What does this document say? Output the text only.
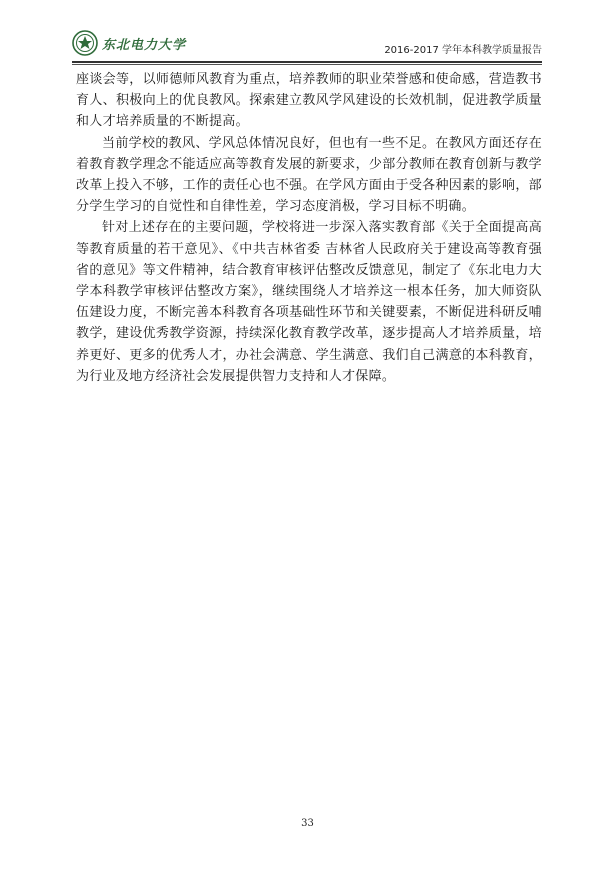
东北电力大学	2016-2017 学年本科教学质量报告

座谈会等，以师德师风教育为重点，培养教师的职业荣誉感和使命感，营造教书育人、积极向上的优良教风。探索建立教风学风建设的长效机制，促进教学质量和人才培养质量的不断提高。

当前学校的教风、学风总体情况良好，但也有一些不足。在教风方面还存在着教育教学理念不能适应高等教育发展的新要求，少部分教师在教育创新与教学改革上投入不够，工作的责任心也不强。在学风方面由于受各种因素的影响，部分学生学习的自觉性和自律性差，学习态度消极，学习目标不明确。

针对上述存在的主要问题，学校将进一步深入落实教育部《关于全面提高高等教育质量的若干意见》、《中共吉林省委 吉林省人民政府关于建设高等教育强省的意见》等文件精神，结合教育审核评估整改反馈意见，制定了《东北电力大学本科教学审核评估整改方案》，继续围绕人才培养这一根本任务，加大师资队伍建设力度，不断完善本科教育各项基础性环节和关键要素，不断促进科研反哺教学，建设优秀教学资源，持续深化教育教学改革，逐步提高人才培养质量，培养更好、更多的优秀人才，办社会满意、学生满意、我们自己满意的本科教育，为行业及地方经济社会发展提供智力支持和人才保障。

33
